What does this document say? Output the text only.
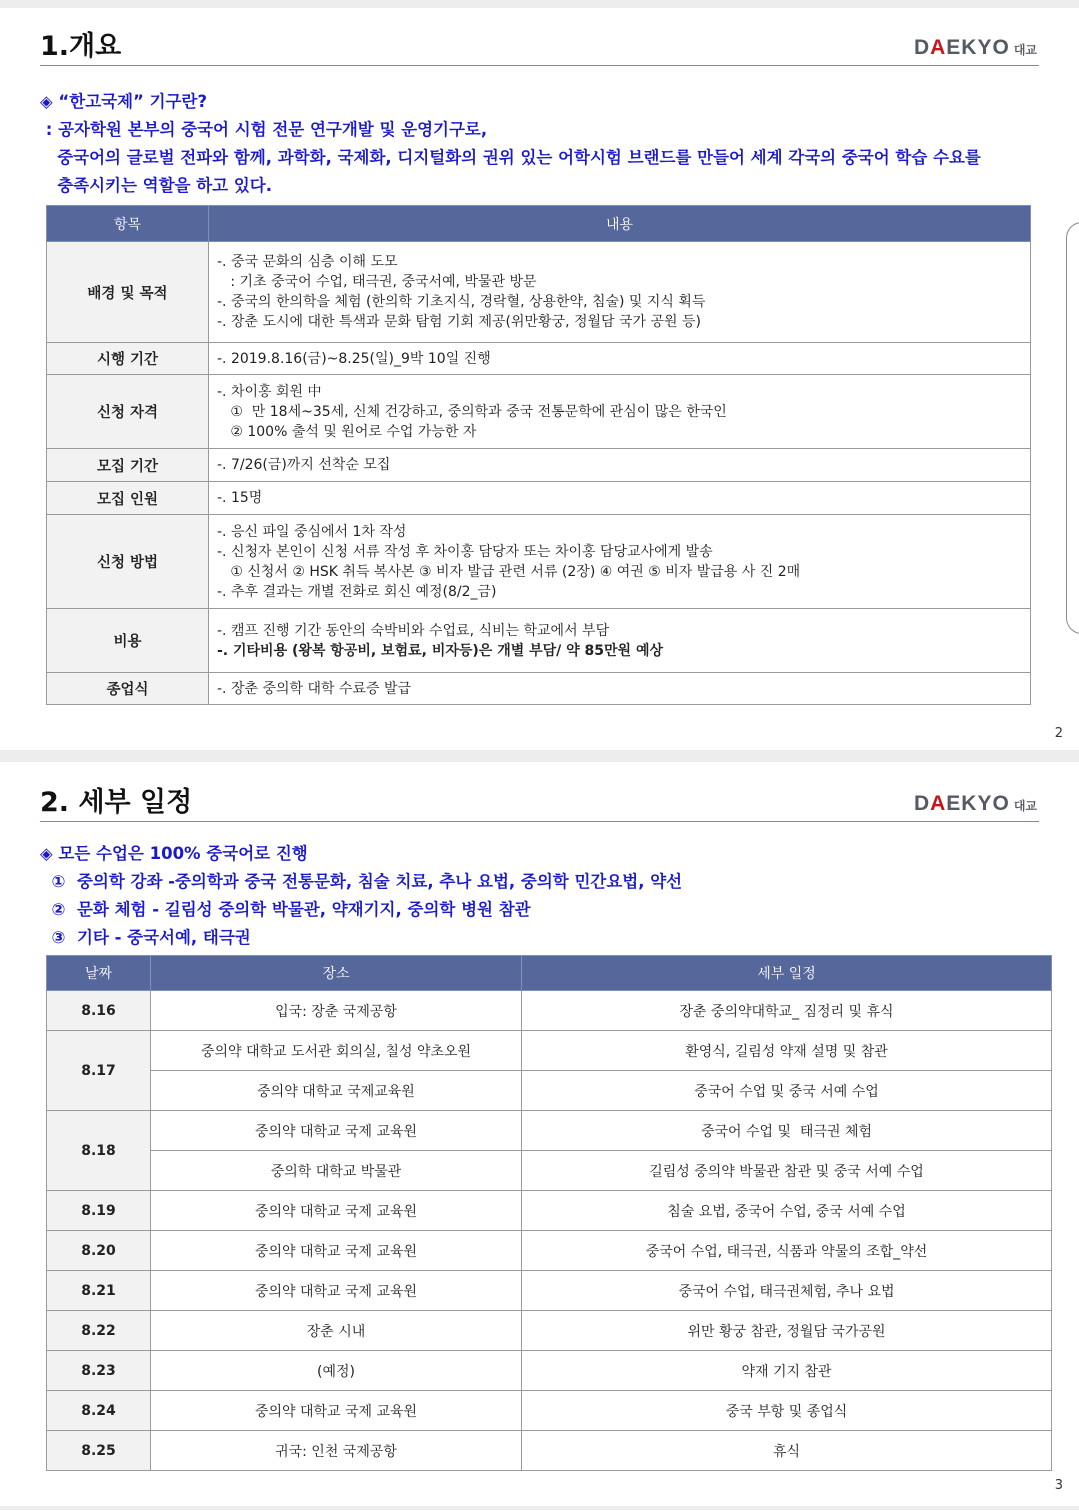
1.개요	DAEKYO 대교
◈ “한고국제” 기구란?
: 공자학원 본부의 중국어 시험 전문 연구개발 및 운영기구로,
중국어의 글로벌 전파와 함께, 과학화, 국제화, 디지털화의 권위 있는 어학시험 브랜드를 만들어 세계 각국의 중국어 학습 수요를
충족시키는 역할을 하고 있다.
항목	내용
배경 및 목적	-. 중국 문화의 심층 이해 도모
: 기초 중국어 수업, 태극권, 중국서예, 박물관 방문
-. 중국의 한의학을 체험 (한의학 기초지식, 경락혈, 상용한약, 침술) 및 지식 획득
-. 장춘 도시에 대한 특색과 문화 탐험 기회 제공(위만황궁, 정월담 국가 공원 등)

시행 기간	-. 2019.8.16(금)~8.25(일)_9박 10일 진행

신청 자격	-. 차이홍 회원 中
①  만 18세~35세, 신체 건강하고, 중의학과 중국 전통문학에 관심이 많은 한국인
② 100% 출석 및 원어로 수업 가능한 자

모집 기간	-. 7/26(금)까지 선착순 모집

모집 인원	-. 15명

신청 방법	-. 응신 파일 중심에서 1차 작성
-. 신청자 본인이 신청 서류 작성 후 차이홍 담당자 또는 차이홍 담당교사에게 발송
① 신청서 ② HSK 취득 복사본 ③ 비자 발급 관련 서류 (2장) ④ 여권 ⑤ 비자 발급용 사 진 2매
-. 추후 결과는 개별 전화로 회신 예정(8/2_금)

비용	-. 캠프 진행 기간 동안의 숙박비와 수업료, 식비는 학교에서 부담
-. 기타비용 (왕복 항공비, 보험료, 비자등)은 개별 부담/ 약 85만원 예상

종업식	-. 장춘 중의학 대학 수료증 발급
2
2. 세부 일정	DAEKYO 대교
◈ 모든 수업은 100% 중국어로 진행
①  중의학 강좌 -중의학과 중국 전통문화, 침술 치료, 추나 요법, 중의학 민간요법, 약선
②  문화 체험 - 길림성 중의학 박물관, 약재기지, 중의학 병원 참관
③  기타 - 중국서예, 태극권
날짜	장소	세부 일정
8.16	입국: 장춘 국제공항	장춘 중의약대학교_ 짐정리 및 휴식
8.17	중의약 대학교 도서관 회의실, 칠성 약초오원	환영식, 길림성 약재 설명 및 참관
	중의약 대학교 국제교육원	중국어 수업 및 중국 서예 수업
8.18	중의약 대학교 국제 교육원	중국어 수업 및  태극권 체험
	중의학 대학교 박물관	길림성 중의약 박물관 참관 및 중국 서예 수업
8.19	중의약 대학교 국제 교육원	침술 요법, 중국어 수업, 중국 서예 수업
8.20	중의약 대학교 국제 교육원	중국어 수업, 태극권, 식품과 약물의 조합_약선
8.21	중의약 대학교 국제 교육원	중국어 수업, 태극권체험, 추나 요법
8.22	장춘 시내	위만 황궁 참관, 정월담 국가공원
8.23	(예정)	약재 기지 참관
8.24	중의약 대학교 국제 교육원	중국 부항 및 종업식
8.25	귀국: 인천 국제공항	휴식
3
